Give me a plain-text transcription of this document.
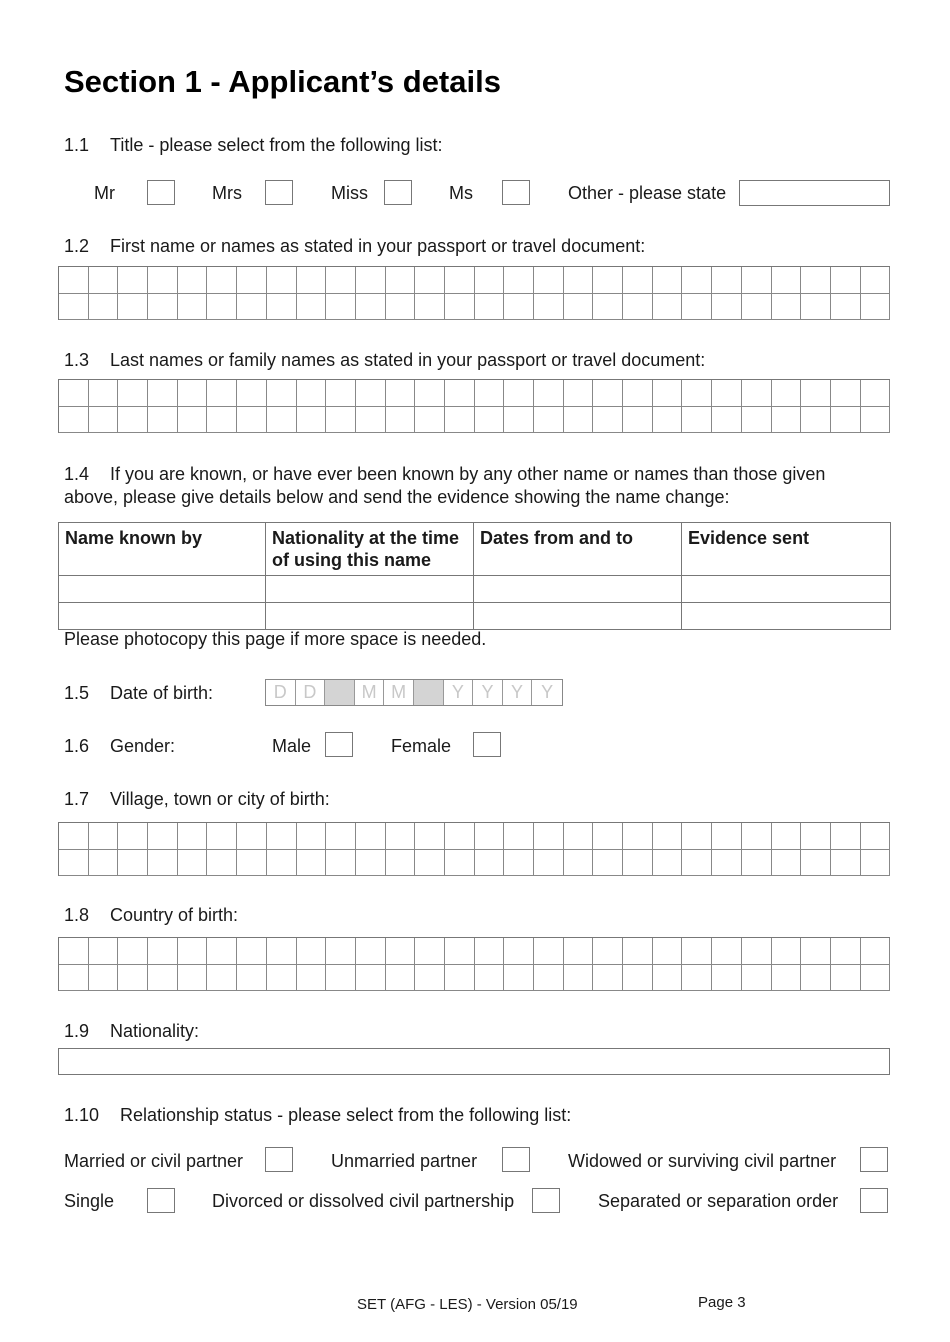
Section 1 - Applicant’s details
1.1 Title - please select from the following list:
Mr	Mrs	Miss	Ms	Other - please state
1.2 First name or names as stated in your passport or travel document:
1.3 Last names or family names as stated in your passport or travel document:
1.4 If you are known, or have ever been known by any other name or names than those given
above, please give details below and send the evidence showing the name change:
Name known by	Nationality at the time of using this name	Dates from and to	Evidence sent

Please photocopy this page if more space is needed.
1.5 Date of birth:	D D	M M	Y Y Y	Y
1.6 Gender:	Male	Female
1.7 Village, town or city of birth:
1.8 Country of birth:
1.9 Nationality:
1.10 Relationship status - please select from the following list:
Married or civil partner	Unmarried partner	Widowed or surviving civil partner
Single	Divorced or dissolved civil partnership	Separated or separation order
SET (AFG - LES) - Version 05/19	Page 3
